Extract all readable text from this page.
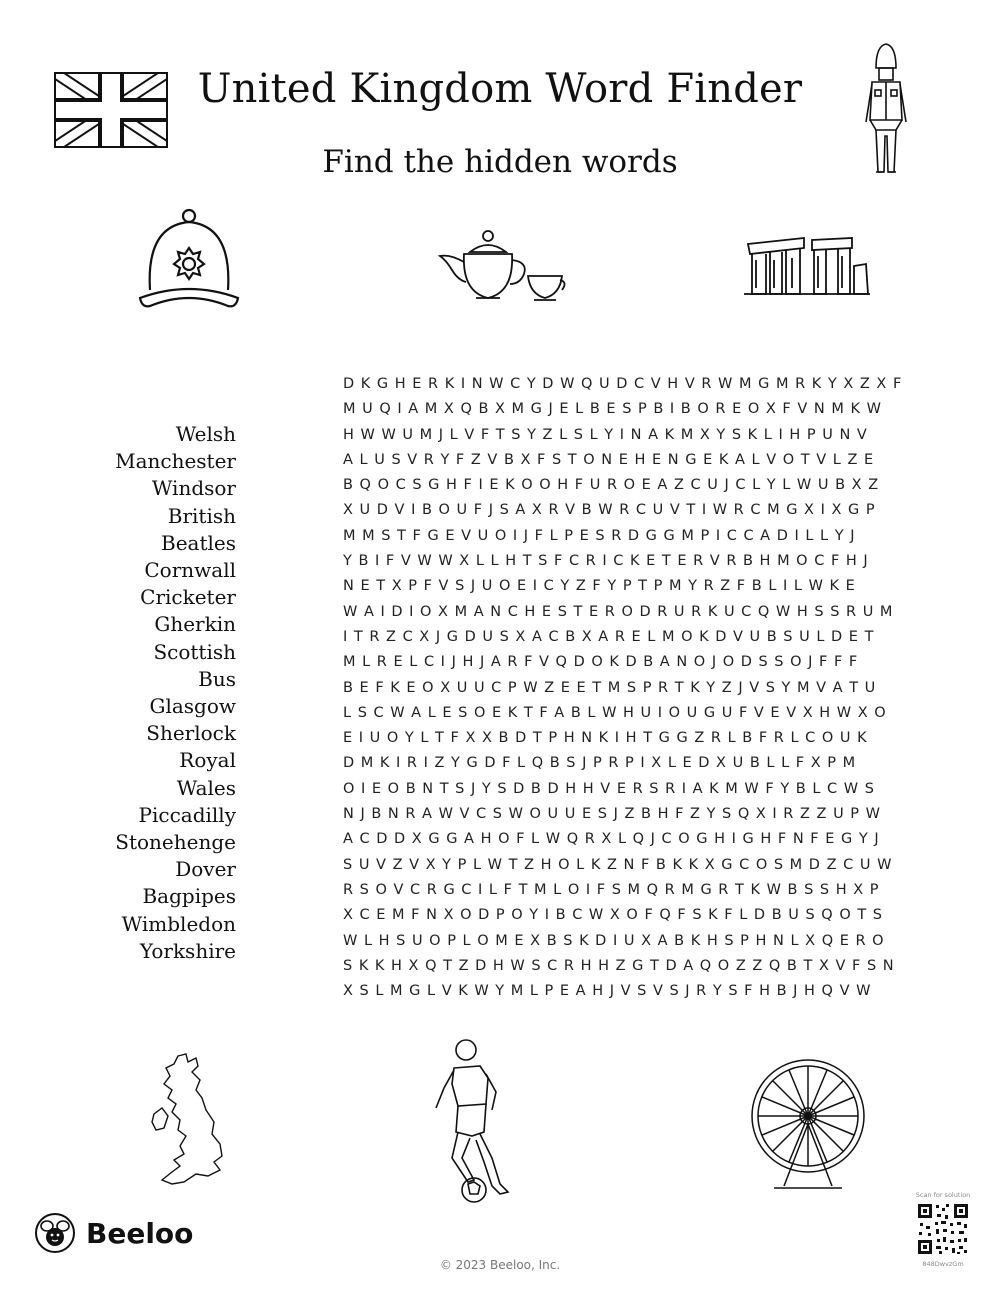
United Kingdom Word Finder
Find the hidden words
Welsh
Manchester
Windsor
British
Beatles
Cornwall
Cricketer
Gherkin
Scottish
Bus
Glasgow
Sherlock
Royal
Wales
Piccadilly
Stonehenge
Dover
Bagpipes
Wimbledon
Yorkshire
D K G H E R K I N W C Y D W Q U D C V H V R W M G M R K Y X Z X F
M U Q I A M X Q B X M G J E L B E S P B I B O R E O X F V N M K W
H W W U M J L V F T S Y Z L S L Y I N A K M X Y S K L I H P U N V
A L U S V R Y F Z V B X F S T O N E H E N G E K A L V O T V L Z E
B Q O C S G H F I E K O O H F U R O E A Z C U J C L Y L W U B X Z
X U D V I B O U F J S A X R V B W R C U V T I W R C M G X I X G P
M M S T F G E V U O I J F L P E S R D G G M P I C C A D I L L Y J
Y B I F V W W X L L H T S F C R I C K E T E R V R B H M O C F H J
N E T X P F V S J U O E I C Y Z F Y P T P M Y R Z F B L I L W K E
W A I D I O X M A N C H E S T E R O D R U R K U C Q W H S S R U M
I T R Z C X J G D U S X A C B X A R E L M O K D V U B S U L D E T
M L R E L C I J H J A R F V Q D O K D B A N O J O D S S O J F F F
B E F K E O X U U C P W Z E E T M S P R T K Y Z J V S Y M V A T U
L S C W A L E S O E K T F A B L W H U I O U G U F V E V X H W X O
E I U O Y L T F X X B D T P H N K I H T G G Z R L B F R L C O U K
D M K I R I Z Y G D F L Q B S J P R P I X L E D X U B L L F X P M
O I E O B N T S J Y S D B D H H V E R S R I A K M W F Y B L C W S
N J B N R A W V C S W O U U E S J Z B H F Z Y S Q X I R Z Z U P W
A C D D X G G A H O F L W Q R X L Q J C O G H I G H F N F E G Y J
S U V Z V X Y P L W T Z H O L K Z N F B K K X G C O S M D Z C U W
R S O V C R G C I L F T M L O I F S M Q R M G R T K W B S S H X P
X C E M F N X O D P O Y I B C W X O F Q F S K F L D B U S Q O T S
W L H S U O P L O M E X B S K D I U X A B K H S P H N L X Q E R O
S K K H X Q T Z D H W S C R H H Z G T D A Q O Z Z Q B T X V F S N
X S L M G L V K W Y M L P E A H J V S V S J R Y S F H B J H Q V W
Beeloo
© 2023 Beeloo, Inc.
Scan for solution
848DwvzGm
